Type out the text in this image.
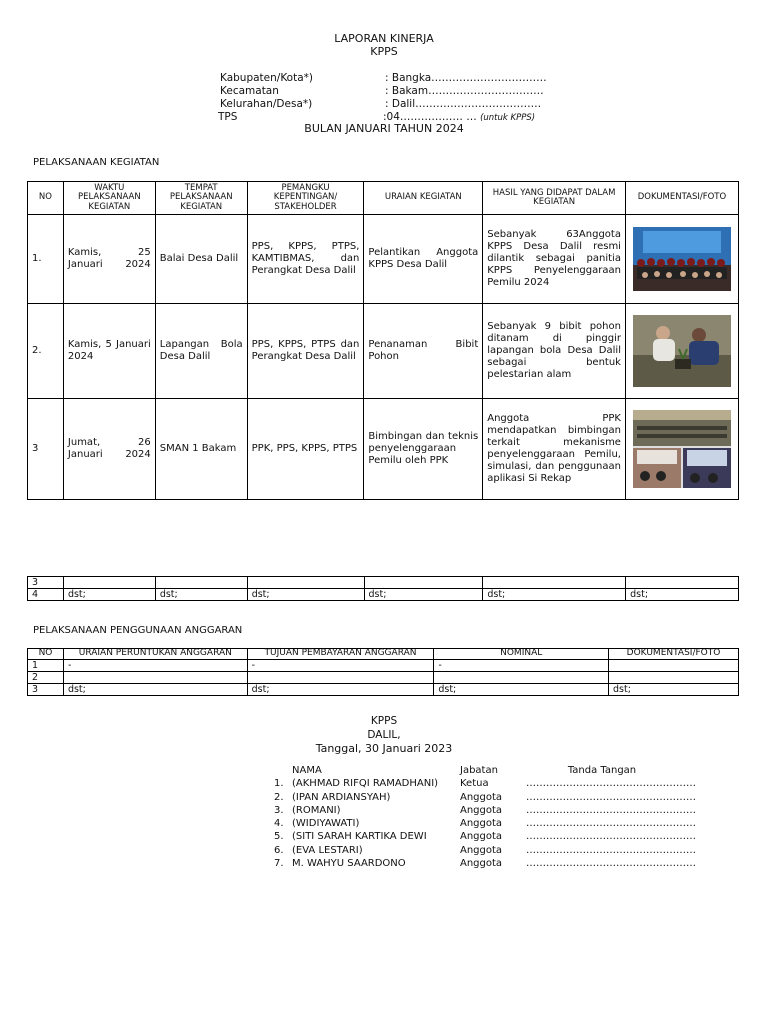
LAPORAN KINERJA
KPPS
Kabupaten/Kota*)	: Bangka……………………………
Kecamatan	: Bakam……………………………
Kelurahan/Desa*)	: Dalil………………………………
TPS	:04……………… … (untuk KPPS)
BULAN JANUARI TAHUN 2024
PELAKSANAAN KEGIATAN
NO	WAKTU PELAKSANAAN KEGIATAN	TEMPAT PELAKSANAAN KEGIATAN	PEMANGKU KEPENTINGAN/ STAKEHOLDER	URAIAN KEGIATAN	HASIL YANG DIDAPAT DALAM KEGIATAN	DOKUMENTASI/FOTO
1.	Kamis, 25 Januari 2024	Balai Desa Dalil	PPS, KPPS, PTPS, KAMTIBMAS, dan Perangkat Desa Dalil	Pelantikan Anggota KPPS Desa Dalil	Sebanyak 63Anggota KPPS Desa Dalil resmi dilantik sebagai panitia KPPS Penyelenggaraan Pemilu 2024	

2.	Kamis, 5 Januari 2024	Lapangan Bola Desa Dalil	PPS, KPPS, PTPS dan Perangkat Desa Dalil	Penanaman Bibit Pohon	Sebanyak 9 bibit pohon ditanam di pinggir lapangan bola Desa Dalil sebagai bentuk pelestarian alam	

3	Jumat, 26 Januari 2024	SMAN 1 Bakam	PPK, PPS, KPPS, PTPS	Bimbingan dan teknis penyelenggaraan Pemilu oleh PPK	Anggota PPK mendapatkan bimbingan terkait mekanisme penyelenggaraan Pemilu, simulasi, dan penggunaan aplikasi Si Rekap	
3						
4	dst;	dst;	dst;	dst;	dst;	dst;
PELAKSANAAN PENGGUNAAN ANGGARAN
NO	URAIAN PERUNTUKAN ANGGARAN	TUJUAN PEMBAYARAN ANGGARAN	NOMINAL	DOKUMENTASI/FOTO
1	-	-	-	
2				
3	dst;	dst;	dst;	dst;
KPPS
DALIL,
Tanggal, 30 Januari 2023
NAMA	Jabatan	Tanda Tangan
1. (AKHMAD RIFQI RAMADHANI)	Ketua	……………………………………………
2. (IPAN ARDIANSYAH)	Anggota	……………………………………………
3. (ROMANI)	Anggota	……………………………………………
4. (WIDIYAWATI)	Anggota	……………………………………………
5. (SITI SARAH KARTIKA DEWI	Anggota	……………………………………………
6. (EVA LESTARI)	Anggota	……………………………………………
7. M. WAHYU SAARDONO	Anggota	……………………………………………
